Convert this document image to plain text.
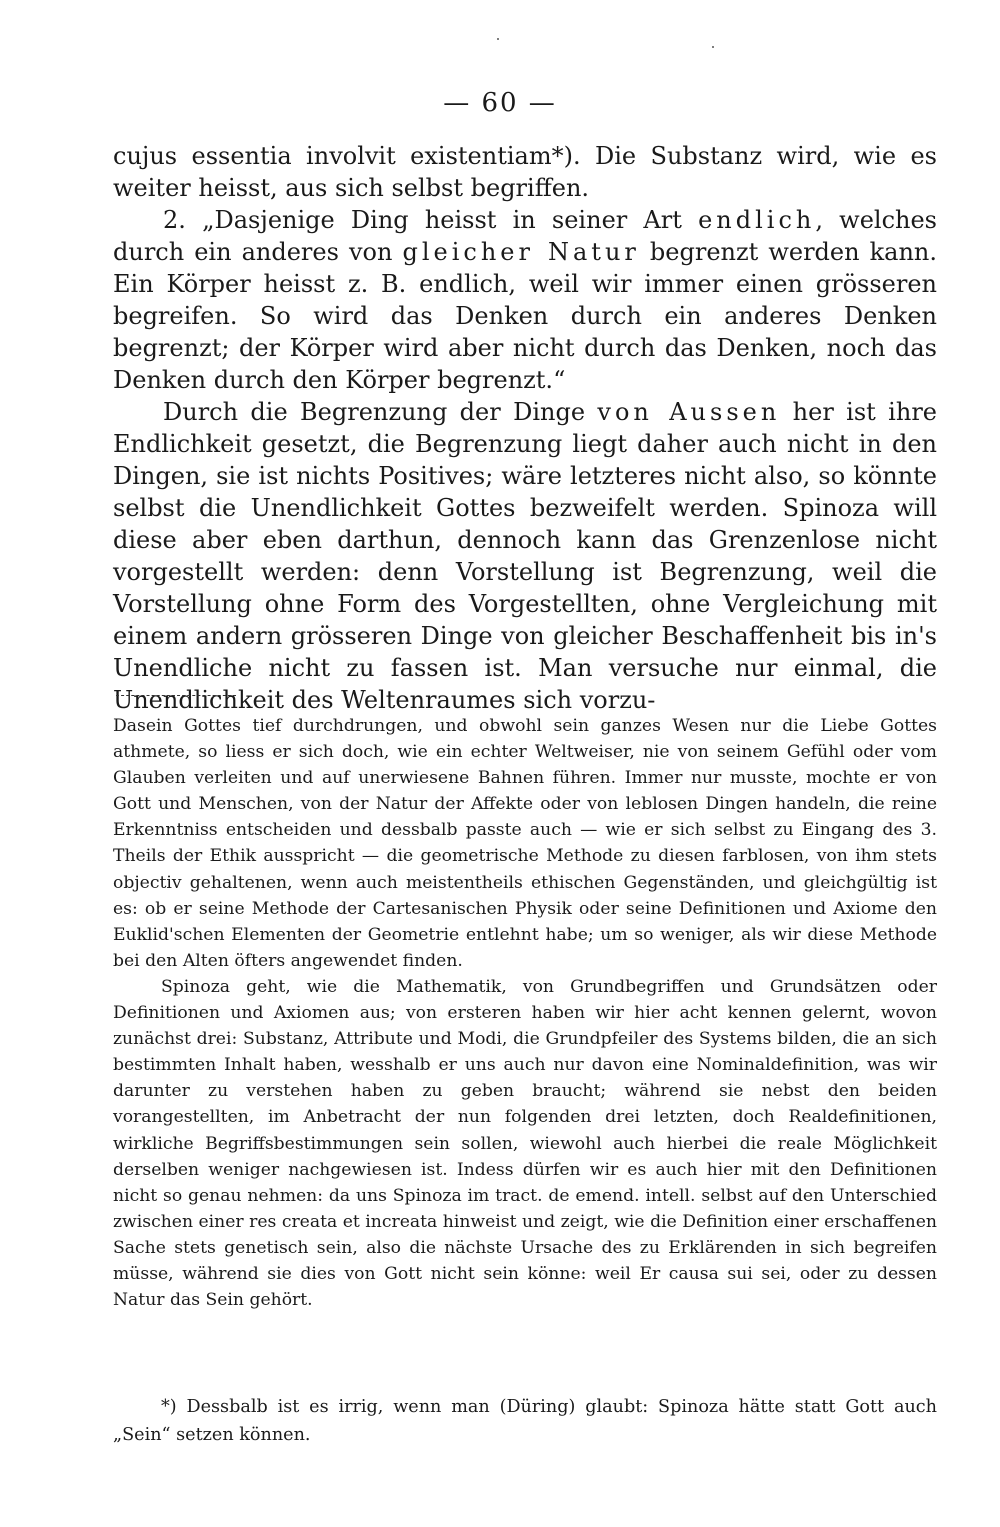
— 60 —

cujus essentia involvit existentiam*). Die Substanz wird, wie es weiter heisst, aus sich selbst begriffen.

2. „Dasjenige Ding heisst in seiner Art endlich, welches durch ein anderes von gleicher Natur begrenzt werden kann. Ein Körper heisst z. B. endlich, weil wir immer einen grösseren begreifen. So wird das Denken durch ein anderes Denken begrenzt; der Körper wird aber nicht durch das Denken, noch das Denken durch den Körper begrenzt.“

Durch die Begrenzung der Dinge von Aussen her ist ihre Endlichkeit gesetzt, die Begrenzung liegt daher auch nicht in den Dingen, sie ist nichts Positives; wäre letzteres nicht also, so könnte selbst die Unendlichkeit Gottes bezweifelt werden. Spinoza will diese aber eben darthun, dennoch kann das Grenzenlose nicht vorgestellt werden: denn Vorstellung ist Begrenzung, weil die Vorstellung ohne Form des Vorgestellten, ohne Vergleichung mit einem andern grösseren Dinge von gleicher Beschaffenheit bis in's Unendliche nicht zu fassen ist. Man versuche nur einmal, die Unendlichkeit des Weltenraumes sich vorzu-

Dasein Gottes tief durchdrungen, und obwohl sein ganzes Wesen nur die Liebe Gottes athmete, so liess er sich doch, wie ein echter Weltweiser, nie von seinem Gefühl oder vom Glauben verleiten und auf unerwiesene Bahnen führen. Immer nur musste, mochte er von Gott und Menschen, von der Natur der Affekte oder von leblosen Dingen handeln, die reine Erkenntniss entscheiden und dessbalb passte auch — wie er sich selbst zu Eingang des 3. Theils der Ethik ausspricht — die geometrische Methode zu diesen farblosen, von ihm stets objectiv gehaltenen, wenn auch meistentheils ethischen Gegenständen, und gleichgültig ist es: ob er seine Methode der Cartesanischen Physik oder seine Definitionen und Axiome den Euklid'schen Elementen der Geometrie entlehnt habe; um so weniger, als wir diese Methode bei den Alten öfters angewendet finden.

Spinoza geht, wie die Mathematik, von Grundbegriffen und Grundsätzen oder Definitionen und Axiomen aus; von ersteren haben wir hier acht kennen gelernt, wovon zunächst drei: Substanz, Attribute und Modi, die Grundpfeiler des Systems bilden, die an sich bestimmten Inhalt haben, wesshalb er uns auch nur davon eine Nominaldefinition, was wir darunter zu verstehen haben zu geben braucht; während sie nebst den beiden vorangestellten, im Anbetracht der nun folgenden drei letzten, doch Realdefinitionen, wirkliche Begriffsbestimmungen sein sollen, wiewohl auch hierbei die reale Möglichkeit derselben weniger nachgewiesen ist. Indess dürfen wir es auch hier mit den Definitionen nicht so genau nehmen: da uns Spinoza im tract. de emend. intell. selbst auf den Unterschied zwischen einer res creata et increata hinweist und zeigt, wie die Definition einer erschaffenen Sache stets genetisch sein, also die nächste Ursache des zu Erklärenden in sich begreifen müsse, während sie dies von Gott nicht sein könne: weil Er causa sui sei, oder zu dessen Natur das Sein gehört.

*) Dessbalb ist es irrig, wenn man (Düring) glaubt: Spinoza hätte statt Gott auch „Sein“ setzen können.
